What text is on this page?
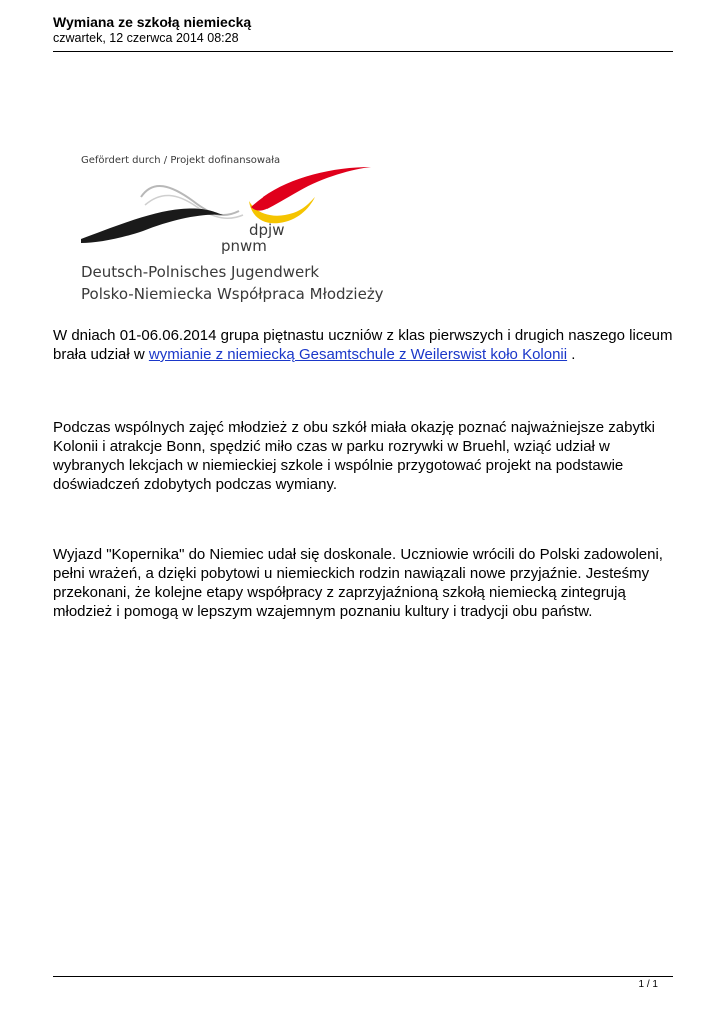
Wymiana ze szkołą niemiecką
czwartek, 12 czerwca 2014 08:28
Gefördert durch / Projekt dofinansowała
dpjw
pnwm
Deutsch-Polnisches Jugendwerk
Polsko-Niemiecka Współpraca Młodzieży

W dniach 01-06.06.2014 grupa piętnastu uczniów z klas pierwszych i drugich naszego liceum brała udział w wymianie z niemiecką Gesamtschule z Weilerswist koło Kolonii .

Podczas wspólnych zajęć młodzież z obu szkół miała okazję poznać najważniejsze zabytki Kolonii i atrakcje Bonn, spędzić miło czas w parku rozrywki w Bruehl, wziąć udział w wybranych lekcjach w niemieckiej szkole i wspólnie przygotować projekt na podstawie doświadczeń zdobytych podczas wymiany.

Wyjazd "Kopernika" do Niemiec udał się doskonale. Uczniowie wrócili do Polski zadowoleni, pełni wrażeń, a dzięki pobytowi u niemieckich rodzin nawiązali nowe przyjaźnie. Jesteśmy przekonani, że kolejne etapy współpracy z zaprzyjaźnioną szkołą niemiecką zintegrują młodzież i pomogą w lepszym wzajemnym poznaniu kultury i tradycji obu państw.

1 / 1
